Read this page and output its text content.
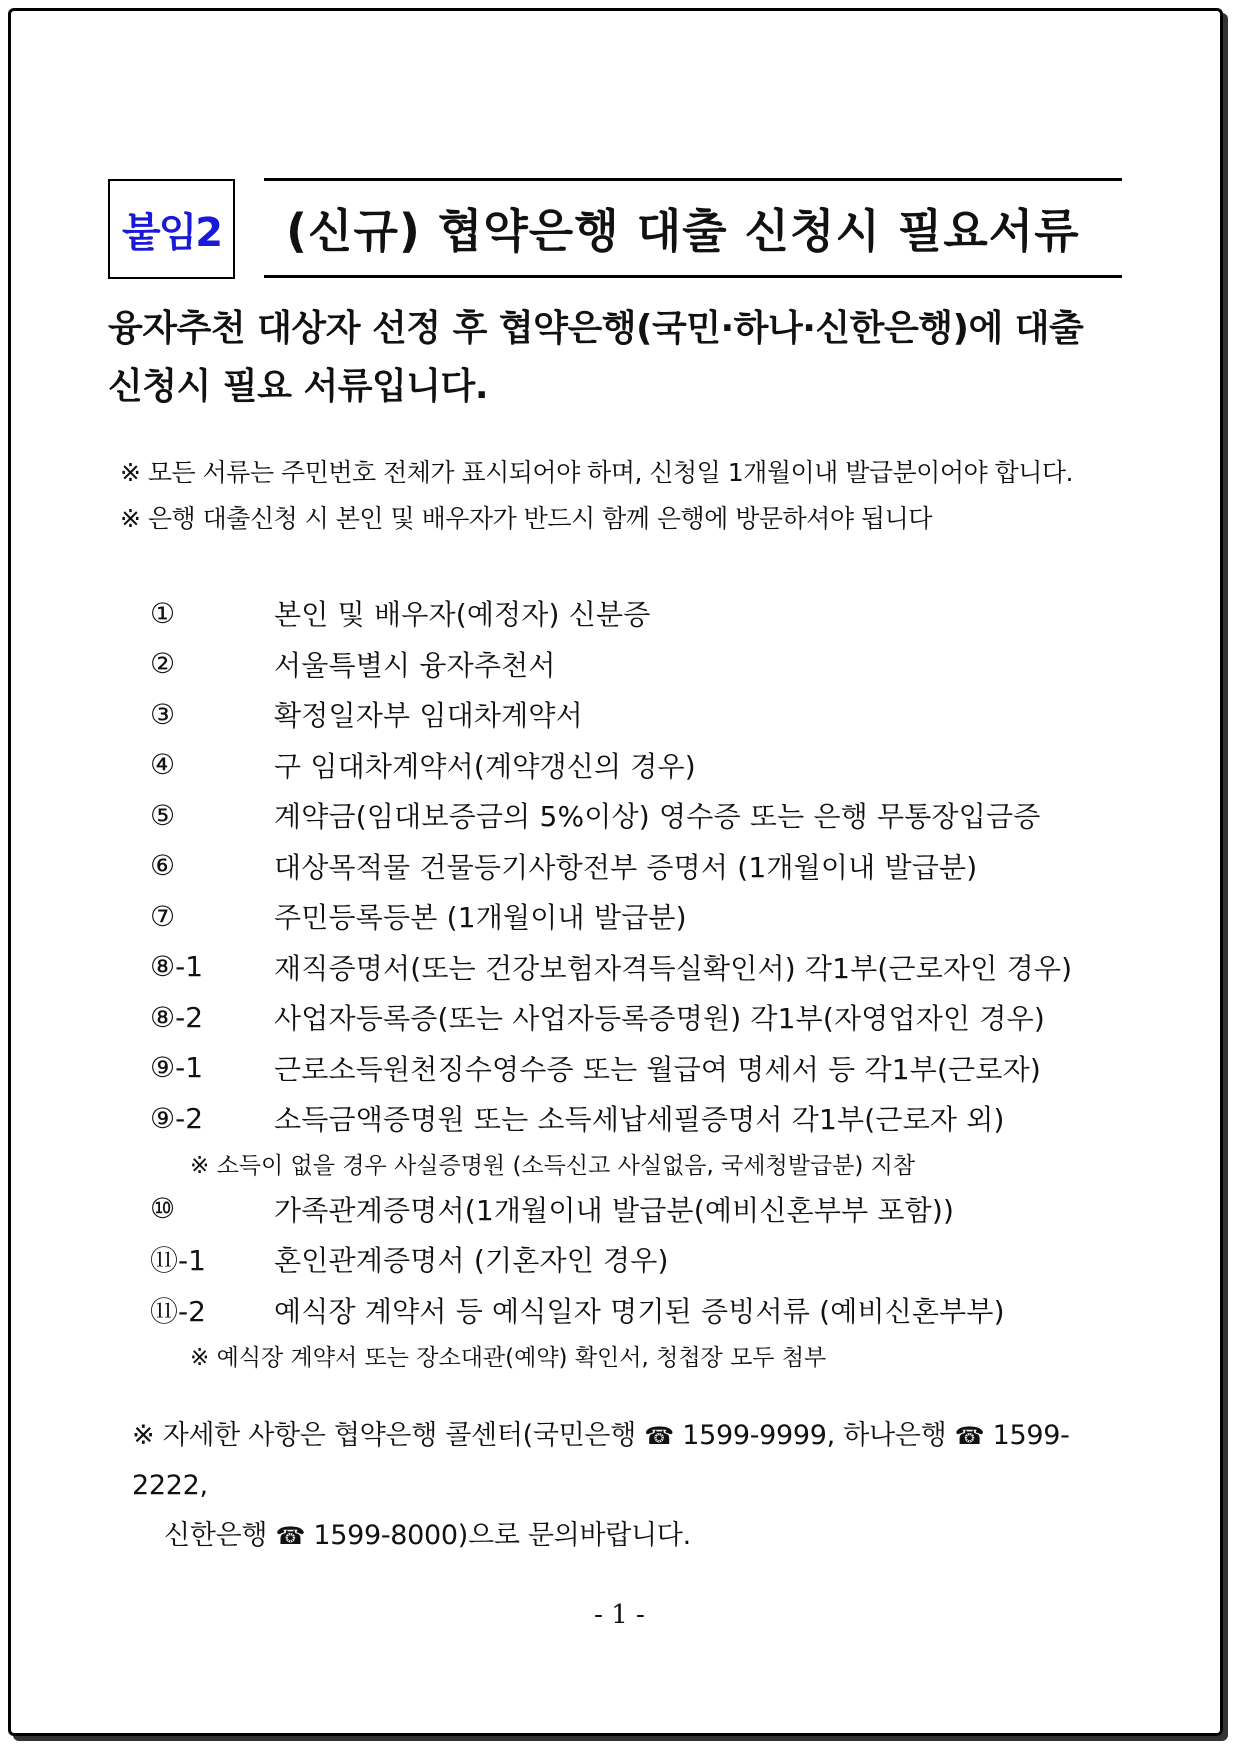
붙임2	(신규) 협약은행 대출 신청시 필요서류
융자추천 대상자 선정 후 협약은행(국민·하나·신한은행)에 대출
신청시 필요 서류입니다.
※ 모든 서류는 주민번호 전체가 표시되어야 하며, 신청일 1개월이내 발급분이어야 합니다.
※ 은행 대출신청 시 본인 및 배우자가 반드시 함께 은행에 방문하셔야 됩니다
①	본인 및 배우자(예정자) 신분증
②	서울특별시 융자추천서
③	확정일자부 임대차계약서
④	구 임대차계약서(계약갱신의 경우)
⑤	계약금(임대보증금의 5%이상) 영수증 또는 은행 무통장입금증
⑥	대상목적물 건물등기사항전부 증명서 (1개월이내 발급분)
⑦	주민등록등본 (1개월이내 발급분)
⑧-1	재직증명서(또는 건강보험자격득실확인서) 각1부(근로자인 경우)
⑧-2	사업자등록증(또는 사업자등록증명원) 각1부(자영업자인 경우)
⑨-1	근로소득원천징수영수증 또는 월급여 명세서 등 각1부(근로자)
⑨-2	소득금액증명원 또는 소득세납세필증명서 각1부(근로자 외)
※ 소득이 없을 경우 사실증명원 (소득신고 사실없음, 국세청발급분) 지참
⑩	가족관계증명서(1개월이내 발급분(예비신혼부부 포함))
⑪-1	혼인관계증명서 (기혼자인 경우)
⑪-2	예식장 계약서 등 예식일자 명기된 증빙서류 (예비신혼부부)
※ 예식장 계약서 또는 장소대관(예약) 확인서, 청첩장 모두 첨부
※ 자세한 사항은 협약은행 콜센터(국민은행 ☎ 1599-9999, 하나은행 ☎ 1599-2222,
신한은행 ☎ 1599-8000)으로 문의바랍니다.
- 1 -
